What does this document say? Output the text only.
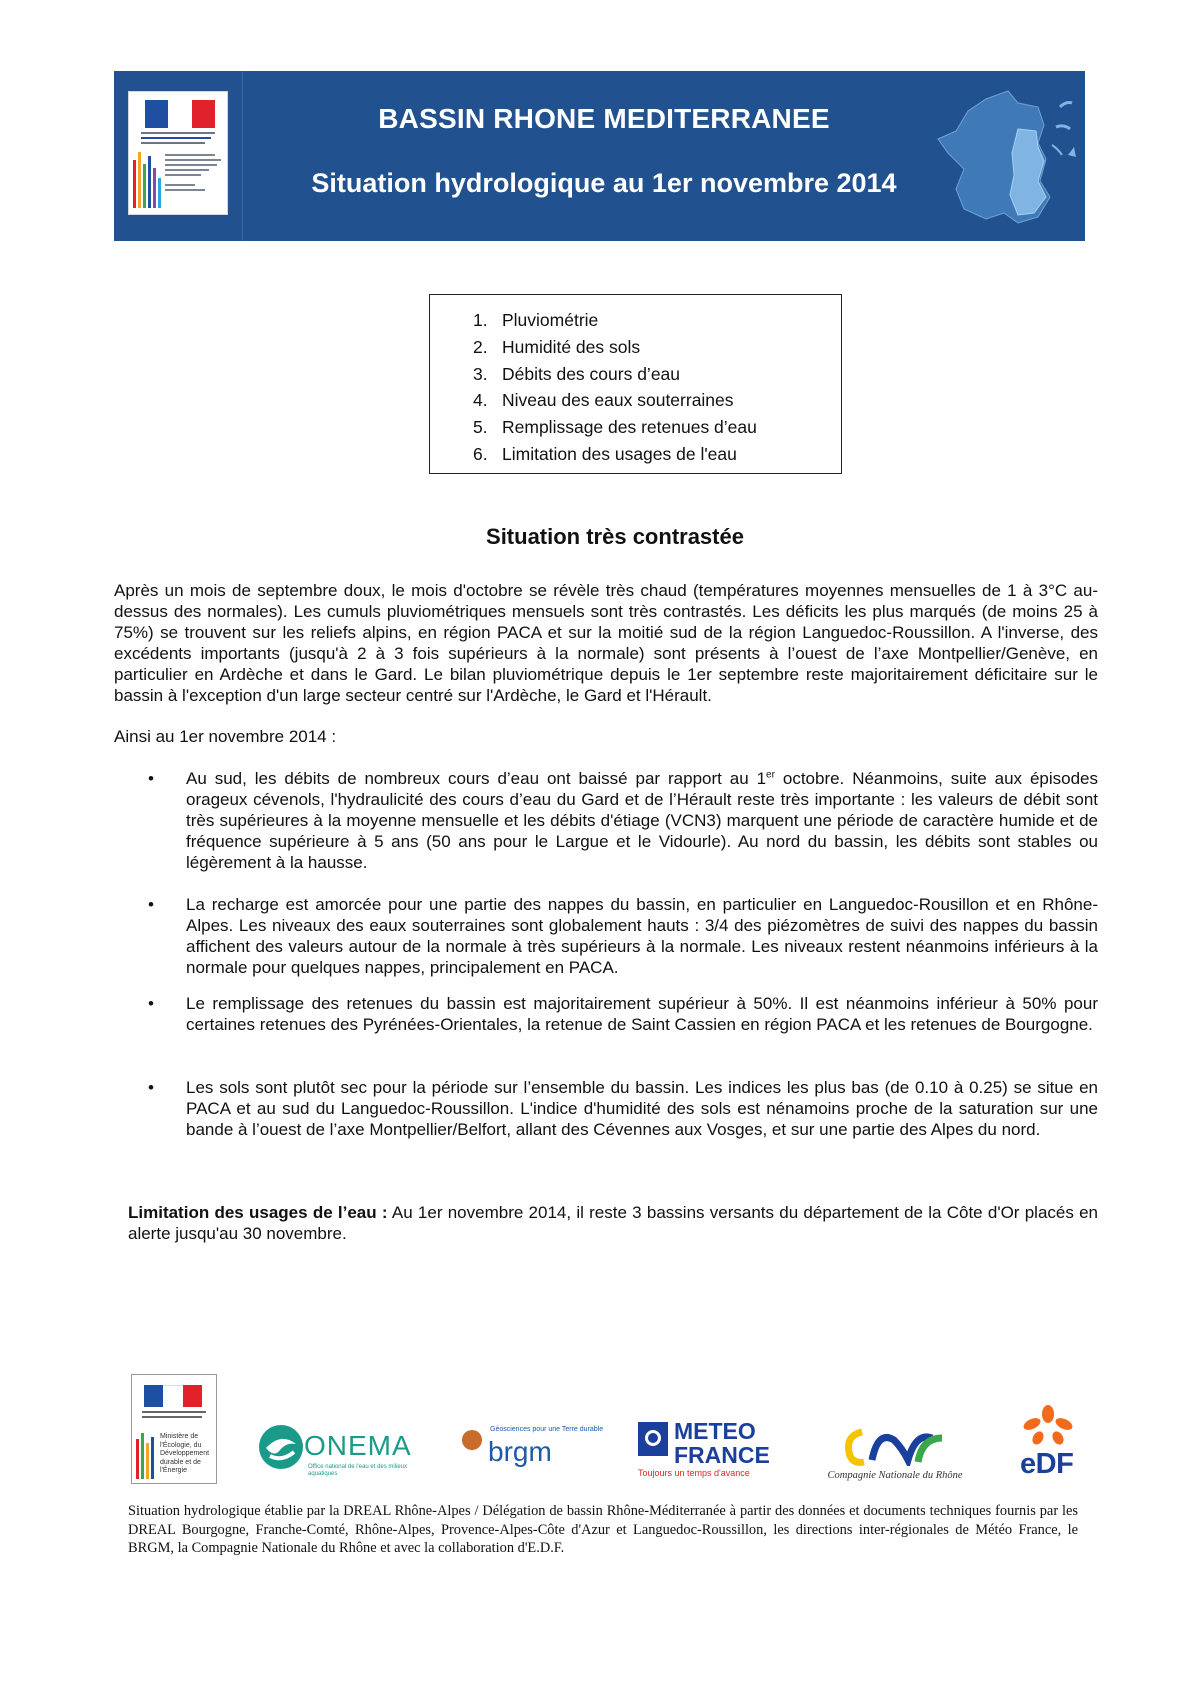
BASSIN RHONE MEDITERRANEE
Situation hydrologique au 1er novembre 2014
1. Pluviométrie
2. Humidité des sols
3. Débits des cours d’eau
4. Niveau des eaux souterraines
5. Remplissage des retenues d’eau
6. Limitation des usages de l'eau
Situation très contrastée
Après un mois de septembre doux, le mois d'octobre se révèle très chaud (températures moyennes mensuelles de 1 à 3°C au-dessus des normales). Les cumuls pluviométriques mensuels sont très contrastés. Les déficits les plus marqués (de moins 25 à 75%) se trouvent sur les reliefs alpins, en région PACA et sur la moitié sud de la région Languedoc-Roussillon. A l'inverse, des excédents importants (jusqu'à 2 à 3 fois supérieurs à la normale) sont présents à l’ouest de l’axe Montpellier/Genève, en particulier en Ardèche et dans le Gard. Le bilan pluviométrique depuis le 1er septembre reste majoritairement déficitaire sur le bassin à l'exception d'un large secteur centré sur l'Ardèche, le Gard et l'Hérault.
Ainsi au 1er novembre 2014 :
• Au sud, les débits de nombreux cours d’eau ont baissé par rapport au 1er octobre. Néanmoins, suite aux épisodes orageux cévenols, l'hydraulicité des cours d’eau du Gard et de l’Hérault reste très importante : les valeurs de débit sont très supérieures à la moyenne mensuelle et les débits d'étiage (VCN3) marquent une période de caractère humide et de fréquence supérieure à 5 ans (50 ans pour le Largue et le Vidourle). Au nord du bassin, les débits sont stables ou légèrement à la hausse.
• La recharge est amorcée pour une partie des nappes du bassin, en particulier en Languedoc-Rousillon et en Rhône-Alpes. Les niveaux des eaux souterraines sont globalement hauts : 3/4 des piézomètres de suivi des nappes du bassin affichent des valeurs autour de la normale à très supérieurs à la normale. Les niveaux restent néanmoins inférieurs à la normale pour quelques nappes, principalement en PACA.
• Le remplissage des retenues du bassin est majoritairement supérieur à 50%. Il est néanmoins inférieur à 50% pour certaines retenues des Pyrénées-Orientales, la retenue de Saint Cassien en région PACA et les retenues de Bourgogne.
• Les sols sont plutôt sec pour la période sur l’ensemble du bassin. Les indices les plus bas (de 0.10 à 0.25) se situe en PACA et au sud du Languedoc-Roussillon. L'indice d'humidité des sols est nénamoins proche de la saturation sur une bande à l’ouest de l’axe Montpellier/Belfort, allant des Cévennes aux Vosges, et sur une partie des Alpes du nord.
Limitation des usages de l’eau : Au 1er novembre 2014, il reste 3 bassins versants du département de la Côte d'Or placés en alerte jusqu'au 30 novembre.
Ministère de l'Écologie, du Développement durable et de l'Énergie
ONEMA
Office national de l'eau et des milieux aquatiques
Géosciences pour une Terre durable
brgm
METEO
FRANCE
Toujours un temps d'avance	Compagnie Nationale du Rhône	eDF
Situation hydrologique établie par la DREAL Rhône-Alpes / Délégation de bassin Rhône-Méditerranée à partir des données et documents techniques fournis par les DREAL Bourgogne, Franche-Comté, Rhône-Alpes, Provence-Alpes-Côte d'Azur et Languedoc-Roussillon, les directions inter-régionales de Météo France, le BRGM, la Compagnie Nationale du Rhône et avec la collaboration d'E.D.F.
